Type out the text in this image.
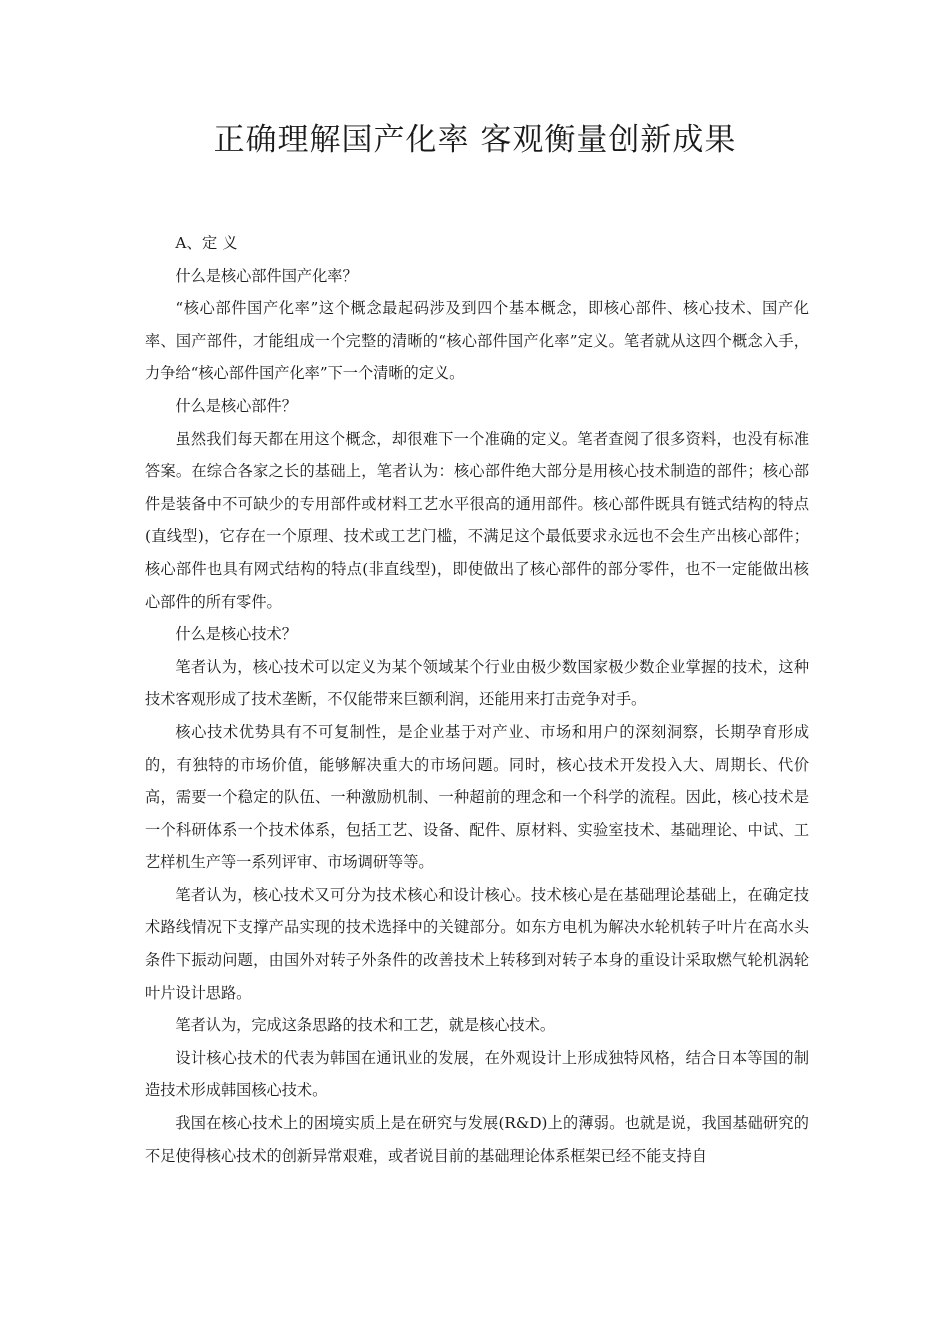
正确理解国产化率 客观衡量创新成果

A、定 义

什么是核心部件国产化率？

“核心部件国产化率”这个概念最起码涉及到四个基本概念，即核心部件、核心技术、国产化率、国产部件，才能组成一个完整的清晰的“核心部件国产化率”定义。笔者就从这四个概念入手，力争给“核心部件国产化率”下一个清晰的定义。

什么是核心部件？

虽然我们每天都在用这个概念，却很难下一个准确的定义。笔者查阅了很多资料，也没有标准答案。在综合各家之长的基础上，笔者认为：核心部件绝大部分是用核心技术制造的部件；核心部件是装备中不可缺少的专用部件或材料工艺水平很高的通用部件。核心部件既具有链式结构的特点(直线型)，它存在一个原理、技术或工艺门槛，不满足这个最低要求永远也不会生产出核心部件；核心部件也具有网式结构的特点(非直线型)，即使做出了核心部件的部分零件，也不一定能做出核心部件的所有零件。

什么是核心技术？

笔者认为，核心技术可以定义为某个领域某个行业由极少数国家极少数企业掌握的技术，这种技术客观形成了技术垄断，不仅能带来巨额利润，还能用来打击竞争对手。

核心技术优势具有不可复制性，是企业基于对产业、市场和用户的深刻洞察，长期孕育形成的，有独特的市场价值，能够解决重大的市场问题。同时，核心技术开发投入大、周期长、代价高，需要一个稳定的队伍、一种激励机制、一种超前的理念和一个科学的流程。因此，核心技术是一个科研体系一个技术体系，包括工艺、设备、配件、原材料、实验室技术、基础理论、中试、工艺样机生产等一系列评审、市场调研等等。

笔者认为，核心技术又可分为技术核心和设计核心。技术核心是在基础理论基础上，在确定技术路线情况下支撑产品实现的技术选择中的关键部分。如东方电机为解决水轮机转子叶片在高水头条件下振动问题，由国外对转子外条件的改善技术上转移到对转子本身的重设计采取燃气轮机涡轮叶片设计思路。

笔者认为，完成这条思路的技术和工艺，就是核心技术。

设计核心技术的代表为韩国在通讯业的发展，在外观设计上形成独特风格，结合日本等国的制造技术形成韩国核心技术。

我国在核心技术上的困境实质上是在研究与发展(R&D)上的薄弱。也就是说，我国基础研究的不足使得核心技术的创新异常艰难，或者说目前的基础理论体系框架已经不能支持自
